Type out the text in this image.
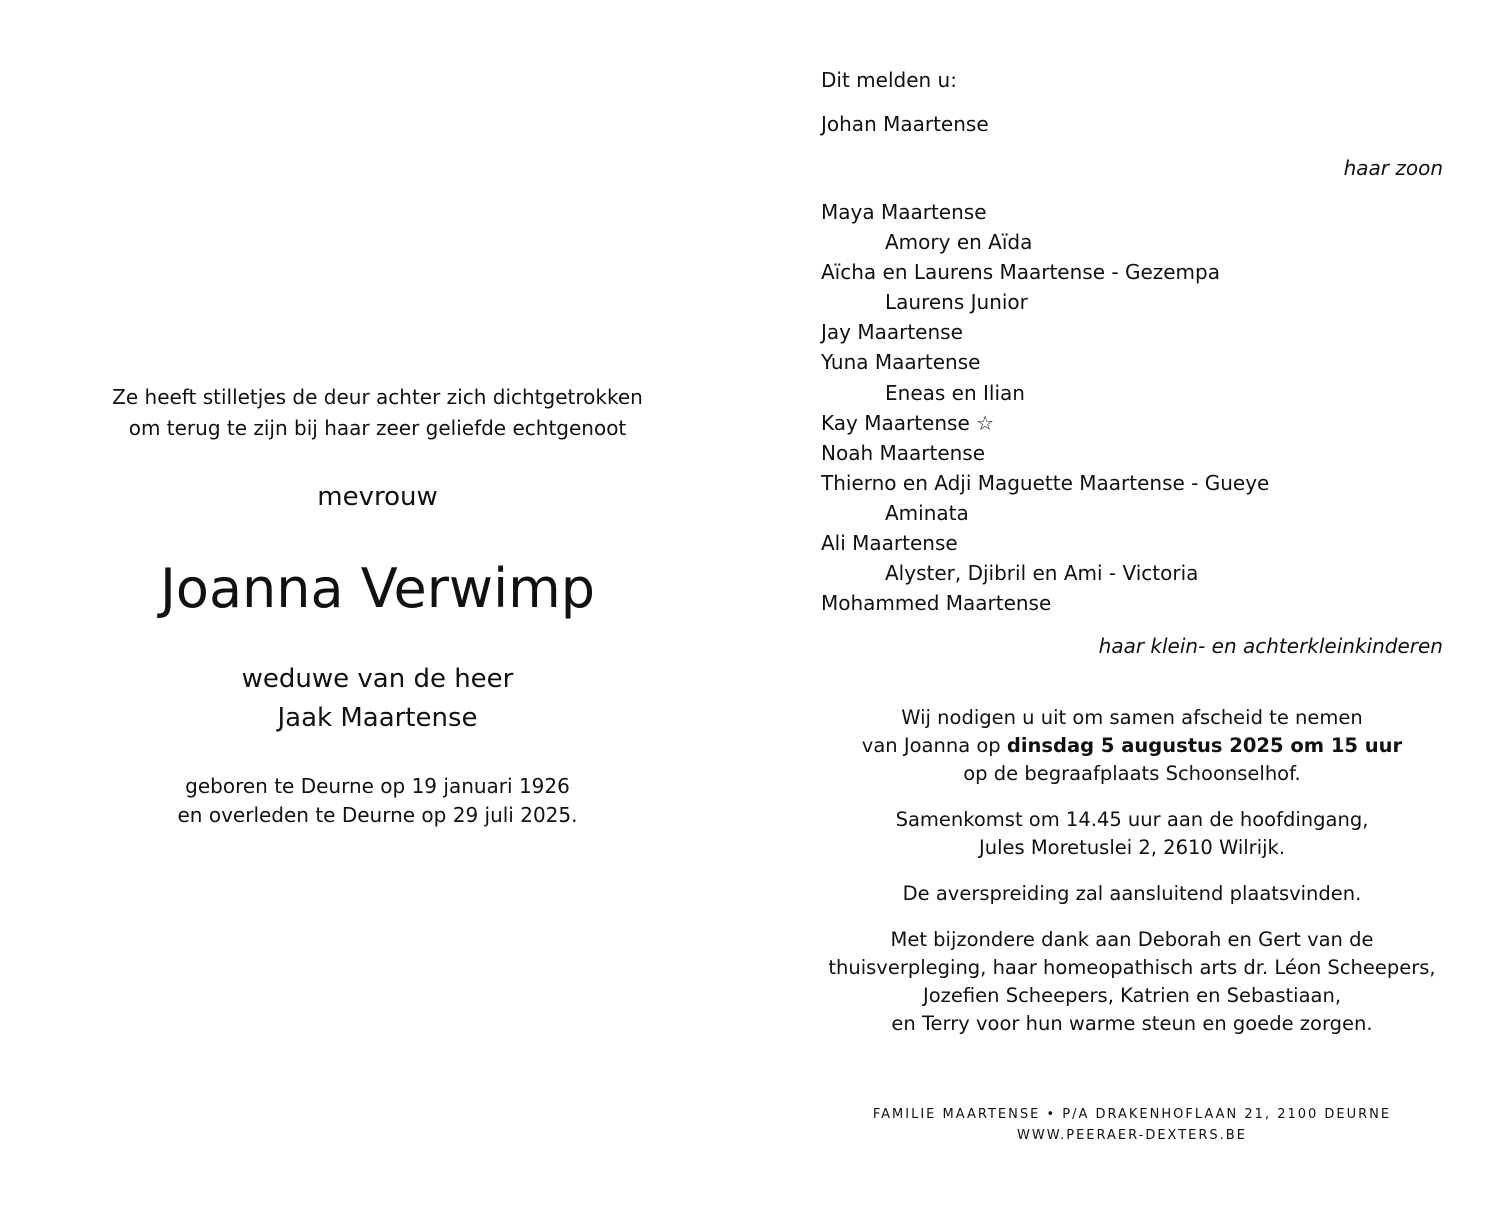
Ze heeft stilletjes de deur achter zich dichtgetrokken
om terug te zijn bij haar zeer geliefde echtgenoot
mevrouw
Joanna Verwimp
weduwe van de heer
Jaak Maartense
geboren te Deurne op 19 januari 1926
en overleden te Deurne op 29 juli 2025.
Dit melden u:
Johan Maartense
haar zoon
Maya Maartense
Amory en Aïda
Aïcha en Laurens Maartense - Gezempa
Laurens Junior
Jay Maartense
Yuna Maartense
Eneas en Ilian
Kay Maartense ☆
Noah Maartense
Thierno en Adji Maguette Maartense - Gueye
Aminata
Ali Maartense
Alyster, Djibril en Ami - Victoria
Mohammed Maartense
haar klein- en achterkleinkinderen

Wij nodigen u uit om samen afscheid te nemen
van Joanna op dinsdag 5 augustus 2025 om 15 uur
op de begraafplaats Schoonselhof.

Samenkomst om 14.45 uur aan de hoofdingang,
Jules Moretuslei 2, 2610 Wilrijk.

De averspreiding zal aansluitend plaatsvinden.

Met bijzondere dank aan Deborah en Gert van de
thuisverpleging, haar homeopathisch arts dr. Léon Scheepers,
Jozefien Scheepers, Katrien en Sebastiaan,
en Terry voor hun warme steun en goede zorgen.

FAMILIE MAARTENSE • P/A DRAKENHOFLAAN 21, 2100 DEURNE
WWW.PEERAER-DEXTERS.BE
